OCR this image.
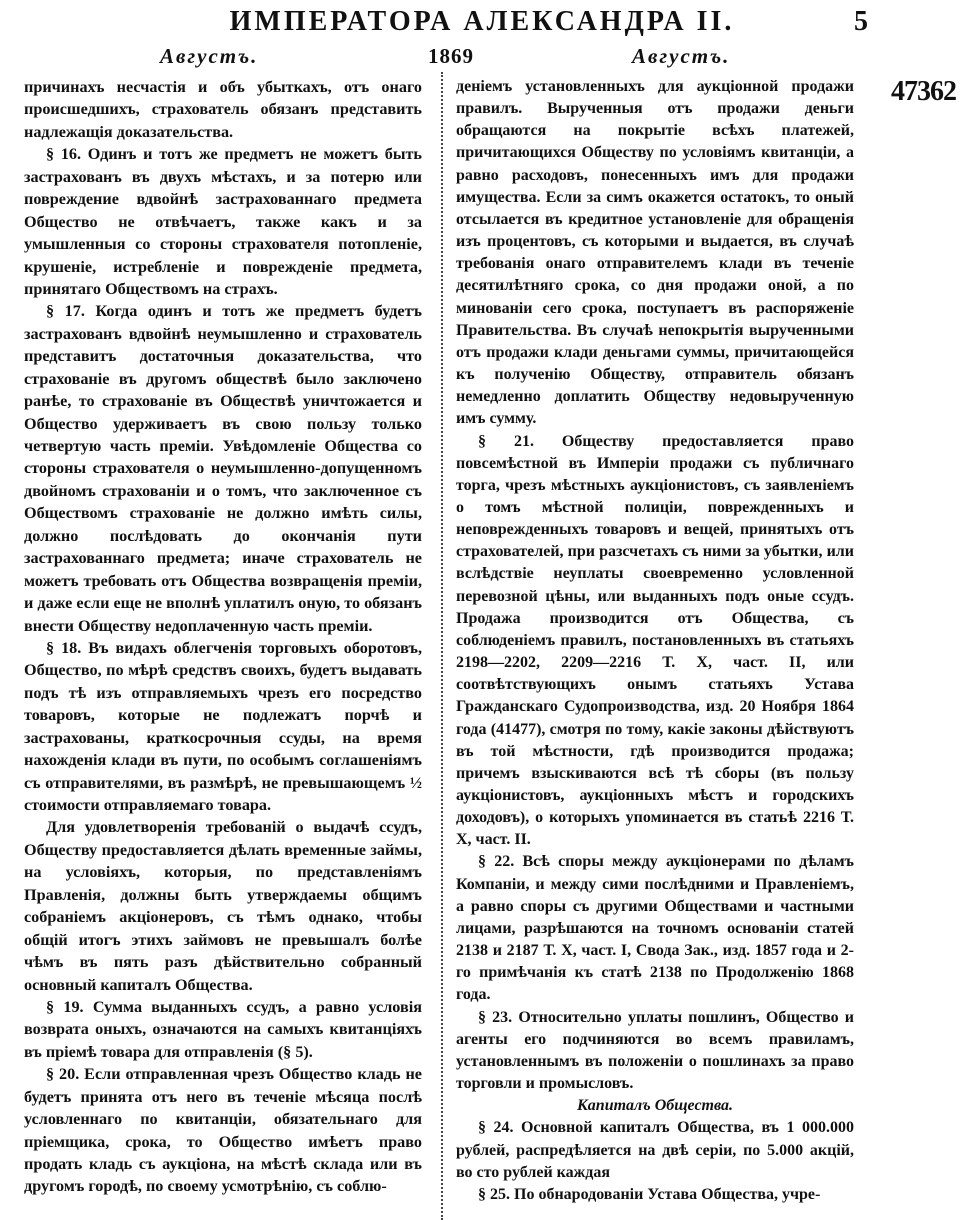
ИМПЕРАТОРА АЛЕКСАНДРА II.	5
Августъ.	1869	Августъ.
47362

причинахъ несчастія и объ убыткахъ, отъ онаго происшедшихъ, страхователь обязанъ представить надлежащія доказательства.

§ 16. Одинъ и тотъ же предметъ не можетъ быть застрахованъ въ двухъ мѣстахъ, и за потерю или повреждение вдвойнѣ застрахованнаго предмета Общество не отвѣчаетъ, также какъ и за умышленныя со стороны страхователя потопленіе, крушеніе, истребленіе и поврежденіе предмета, принятаго Обществомъ на страхъ.

§ 17. Когда одинъ и тотъ же предметъ будетъ застрахованъ вдвойнѣ неумышленно и страхователь представитъ достаточныя доказательства, что страхованіе въ другомъ обществѣ было заключено ранѣе, то страхованіе въ Обществѣ уничтожается и Общество удерживаетъ въ свою пользу только четвертую часть преміи. Увѣдомленіе Общества со стороны страхователя о неумышленно-допущенномъ двойномъ страхованіи и о томъ, что заключенное съ Обществомъ страхованіе не должно имѣть силы, должно послѣдовать до окончанія пути застрахованнаго предмета; иначе страхователь не можетъ требовать отъ Общества возвращенія преміи, и даже если еще не вполнѣ уплатилъ оную, то обязанъ внести Обществу недоплаченную часть преміи.

§ 18. Въ видахъ облегченія торговыхъ оборотовъ, Общество, по мѣрѣ средствъ своихъ, будетъ выдавать подъ тѣ изъ отправляемыхъ чрезъ его посредство товаровъ, которые не подлежатъ порчѣ и застрахованы, краткосрочныя ссуды, на время нахожденія клади въ пути, по особымъ соглашеніямъ съ отправителями, въ размѣрѣ, не превышающемъ ½ стоимости отправляемаго товара.

Для удовлетворенія требованій о выдачѣ ссудъ, Обществу предоставляется дѣлать временные займы, на условіяхъ, которыя, по представленіямъ Правленія, должны быть утверждаемы общимъ собраніемъ акціонеровъ, съ тѣмъ однако, чтобы общій итогъ этихъ займовъ не превышалъ болѣе чѣмъ въ пять разъ дѣйствительно собранный основный капиталъ Общества.

§ 19. Сумма выданныхъ ссудъ, а равно условія возврата оныхъ, означаются на самыхъ квитанціяхъ въ пріемѣ товара для отправленія (§ 5).

§ 20. Если отправленная чрезъ Общество кладь не будетъ принята отъ него въ теченіе мѣсяца послѣ условленнаго по квитанціи, обязательнаго для пріемщика, срока, то Общество имѣетъ право продать кладь съ аукціона, на мѣстѣ склада или въ другомъ городѣ, по своему усмотрѣнію, съ соблю-

деніемъ установленныхъ для аукціонной продажи правилъ. Вырученныя отъ продажи деньги обращаются на покрытіе всѣхъ платежей, причитающихся Обществу по условіямъ квитанціи, а равно расходовъ, понесенныхъ имъ для продажи имущества. Если за симъ окажется остатокъ, то оный отсылается въ кредитное установленіе для обращенія изъ процентовъ, съ которыми и выдается, въ случаѣ требованія онаго отправителемъ клади въ теченіе десятилѣтняго срока, со дня продажи оной, а по минованіи сего срока, поступаетъ въ распоряженіе Правительства. Въ случаѣ непокрытія вырученными отъ продажи клади деньгами суммы, причитающейся къ полученію Обществу, отправитель обязанъ немедленно доплатить Обществу недовырученную имъ сумму.

§ 21. Обществу предоставляется право повсемѣстной въ Имперіи продажи съ публичнаго торга, чрезъ мѣстныхъ аукціонистовъ, съ заявленіемъ о томъ мѣстной полиціи, поврежденныхъ и неповрежденныхъ товаровъ и вещей, принятыхъ отъ страхователей, при разсчетахъ съ ними за убытки, или вслѣдствіе неуплаты своевременно условленной перевозной цѣны, или выданныхъ подъ оные ссудъ. Продажа производится отъ Общества, съ соблюденіемъ правилъ, постановленныхъ въ статьяхъ 2198—2202, 2209—2216 Т. X, част. II, или соотвѣтствующихъ онымъ статьяхъ Устава Гражданскаго Судопроизводства, изд. 20 Ноября 1864 года (41477), смотря по тому, какіе законы дѣйствуютъ въ той мѣстности, гдѣ производится продажа; причемъ взыскиваются всѣ тѣ сборы (въ пользу аукціонистовъ, аукціонныхъ мѣстъ и городскихъ доходовъ), о которыхъ упоминается въ статьѣ 2216 Т. X, част. II.

§ 22. Всѣ споры между аукціонерами по дѣламъ Компаніи, и между сими послѣдними и Правленіемъ, а равно споры съ другими Обществами и частными лицами, разрѣшаются на точномъ основаніи статей 2138 и 2187 Т. X, част. I, Свода Зак., изд. 1857 года и 2-го примѣчанія къ статѣ 2138 по Продолженію 1868 года.

§ 23. Относительно уплаты пошлинъ, Общество и агенты его подчиняются во всемъ правиламъ, установленнымъ въ положеніи о пошлинахъ за право торговли и промысловъ.

Капиталъ Общества.

§ 24. Основной капиталъ Общества, въ 1 000.000 рублей, распредѣляется на двѣ серіи, по 5.000 акцій, во сто рублей каждая

§ 25. По обнародованіи Устава Общества, учре-
